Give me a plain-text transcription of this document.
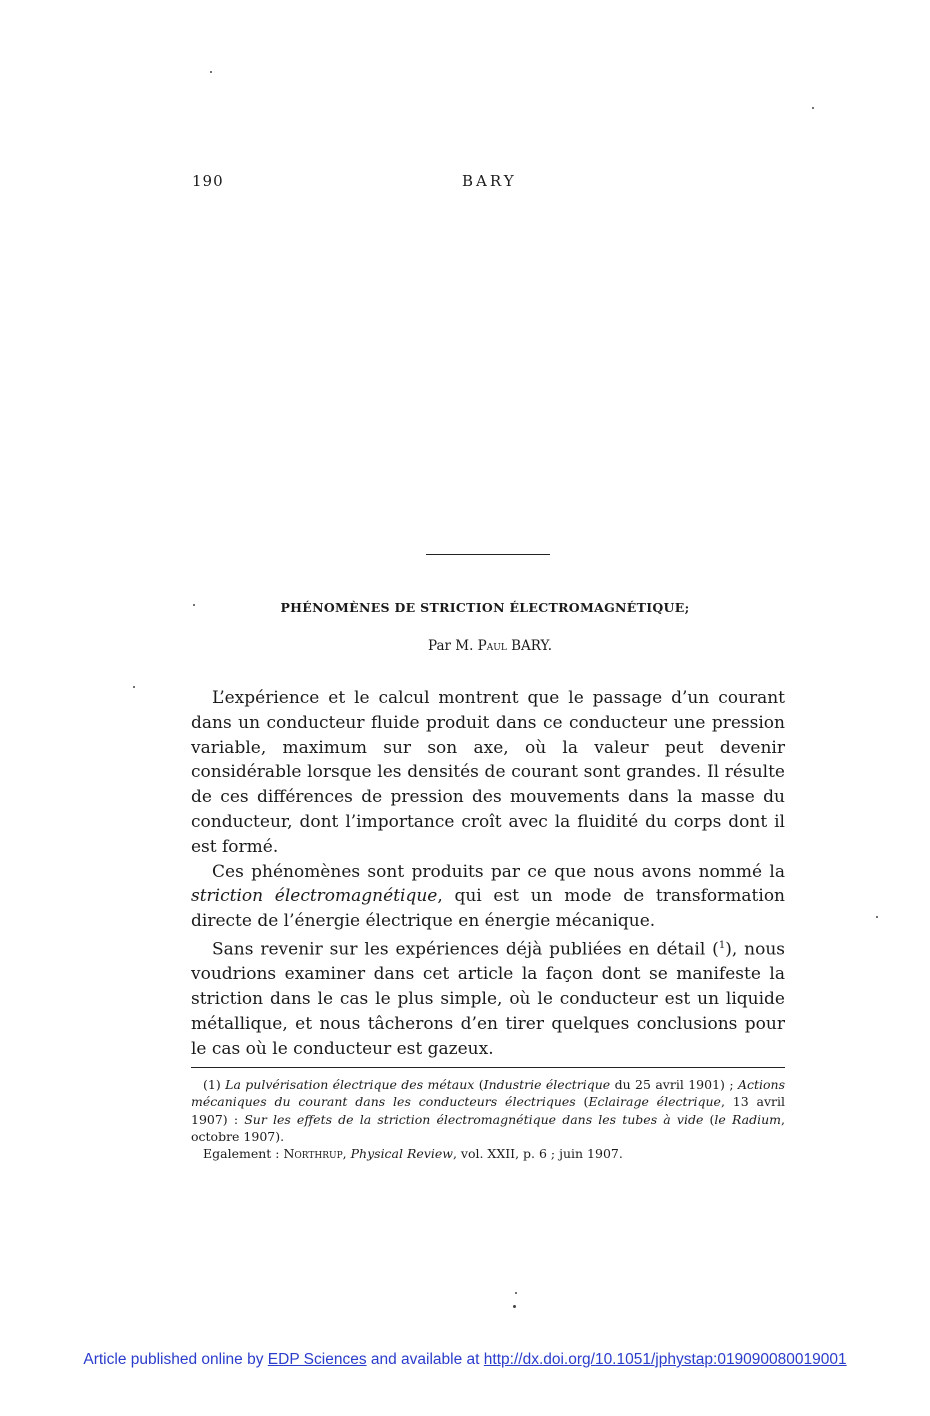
190	BARY
PHÉNOMÈNES DE STRICTION ÉLECTROMAGNÉTIQUE;
Par M. Paul BARY.

L’expérience et le calcul montrent que le passage d’un courant dans un conducteur fluide produit dans ce conducteur une pression variable, maximum sur son axe, où la valeur peut devenir considérable lorsque les densités de courant sont grandes. Il résulte de ces différences de pression des mouvements dans la masse du conducteur, dont l’importance croît avec la fluidité du corps dont il est formé.

Ces phénomènes sont produits par ce que nous avons nommé la striction électromagnétique, qui est un mode de transformation directe de l’énergie électrique en énergie mécanique.

Sans revenir sur les expériences déjà publiées en détail ($^1$), nous voudrions examiner dans cet article la façon dont se manifeste la striction dans le cas le plus simple, où le conducteur est un liquide métallique, et nous tâcherons d’en tirer quelques conclusions pour le cas où le conducteur est gazeux.

(1) La pulvérisation électrique des métaux (Industrie électrique du 25 avril 1901) ; Actions mécaniques du courant dans les conducteurs électriques (Eclairage électrique, 13 avril 1907) : Sur les effets de la striction électromagnétique dans les tubes à vide (le Radium, octobre 1907).

Egalement : Northrup, Physical Review, vol. XXII, p. 6 ; juin 1907.

Article published online by EDP Sciences and available at http://dx.doi.org/10.1051/jphystap:019090080019001
